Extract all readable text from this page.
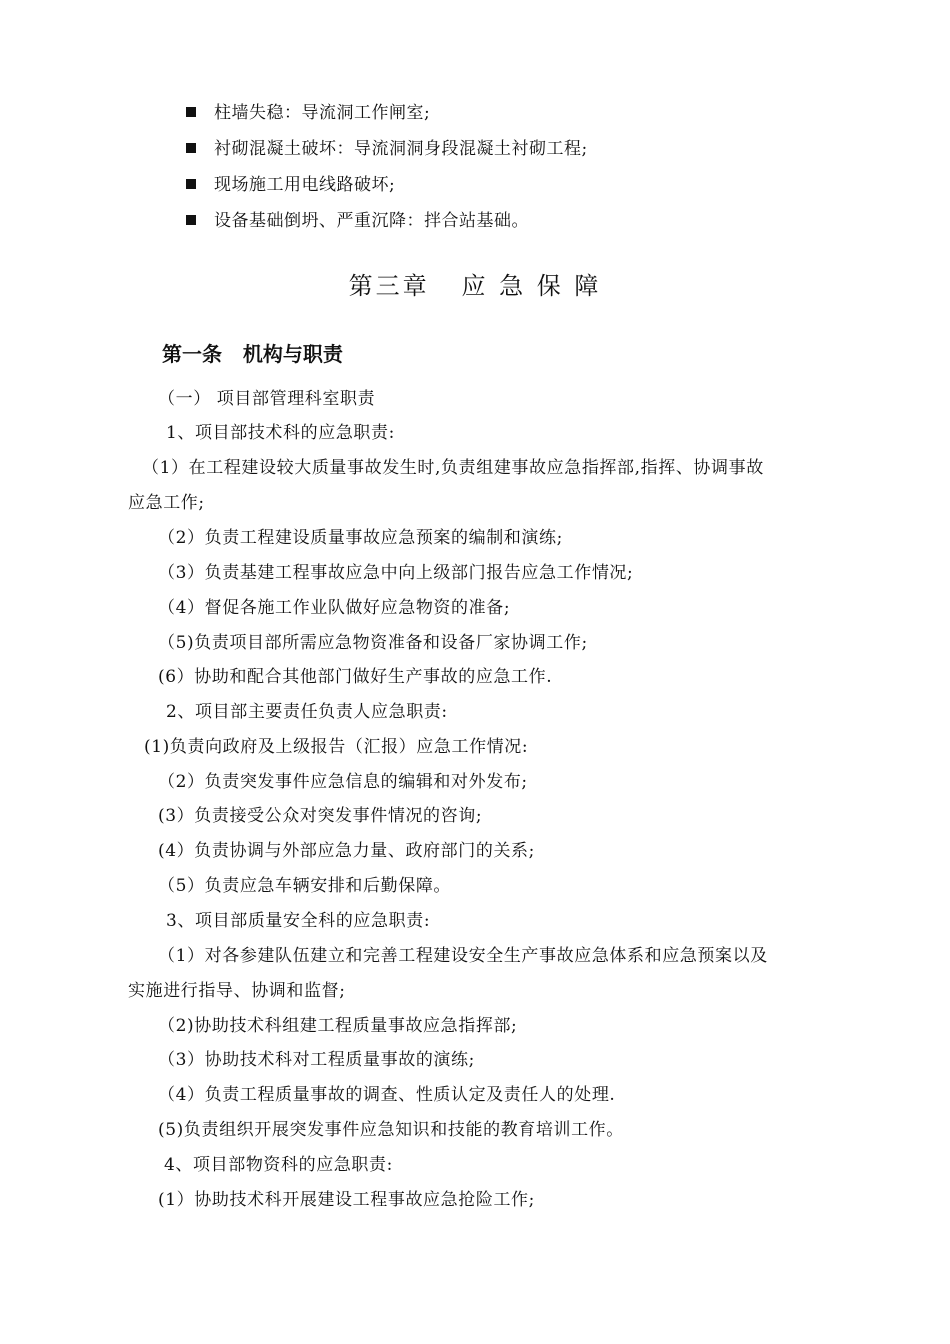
柱墙失稳：导流洞工作闸室;
衬砌混凝土破坏：导流洞洞身段混凝土衬砌工程;
现场施工用电线路破坏;
设备基础倒坍、严重沉降：拌合站基础。
第三章   应 急 保 障
第一条   机构与职责
（一） 项目部管理科室职责
1、项目部技术科的应急职责:
（1）在工程建设较大质量事故发生时,负责组建事故应急指挥部,指挥、协调事故
应急工作;
（2）负责工程建设质量事故应急预案的编制和演练;
（3）负责基建工程事故应急中向上级部门报告应急工作情况;
（4）督促各施工作业队做好应急物资的准备;
（5)负责项目部所需应急物资准备和设备厂家协调工作;
(6）协助和配合其他部门做好生产事故的应急工作.
2、项目部主要责任负责人应急职责:
(1)负责向政府及上级报告（汇报）应急工作情况:
（2）负责突发事件应急信息的编辑和对外发布;
(3）负责接受公众对突发事件情况的咨询;
(4）负责协调与外部应急力量、政府部门的关系;
（5）负责应急车辆安排和后勤保障。
3、项目部质量安全科的应急职责:
（1）对各参建队伍建立和完善工程建设安全生产事故应急体系和应急预案以及
实施进行指导、协调和监督;
（2)协助技术科组建工程质量事故应急指挥部;
（3）协助技术科对工程质量事故的演练;
（4）负责工程质量事故的调查、性质认定及责任人的处理.
(5)负责组织开展突发事件应急知识和技能的教育培训工作。
4、项目部物资科的应急职责:
(1）协助技术科开展建设工程事故应急抢险工作;
